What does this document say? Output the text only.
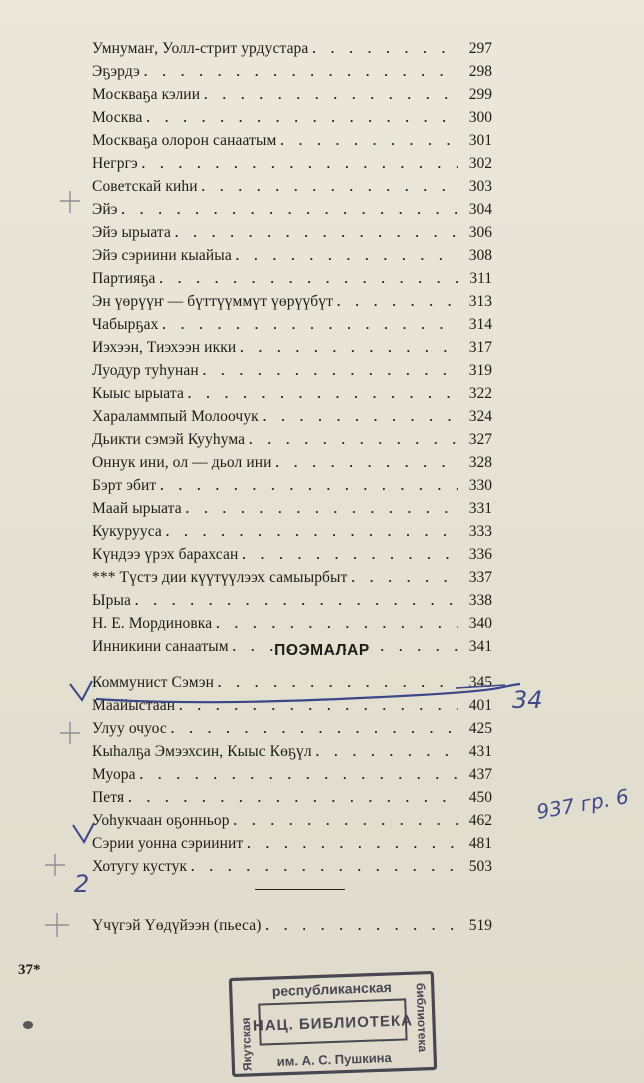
Умнумаҥ, Уолл-стрит урдустара . . .	297
Эҕэрдэ . . .	298
Москваҕа кэлии . . .	299
Москва . . .	300
Москваҕа олорон санаатым . . .	301
Негргэ . . .	302
Советскай киһи . . .	303
Эйэ . . .	304
Эйэ ырыата . . .	306
Эйэ сэриини кыайыа . . .	308
Партияҕа . . .	311
Эн үөрүүҥ — бүттүүммүт үөрүүбүт . . .	313
Чабырҕах . . .	314
Иэхээн, Тиэхээн икки . . .	317
Луодур туһунан . . .	319
Кыыс ырыата . . .	322
Хараламмпый Молоочук . . .	324
Дьикти сэмэй Кууһума . . .	327
Оннук ини, ол — дьол ини . . .	328
Бэрт эбит . . .	330
Маай ырыата . . .	331
Кукурууса . . .	333
Күндээ үрэх барахсан . . .	336
*** Түстэ дии күүтүүлээх самыырбыт . . .	337
Ырыа . . .	338
Н. Е. Мординовка . . .	340
Инникини санаатым . . .	341
ПОЭМАЛАР
Коммунист Сэмэн . . .	345
Маайыстаан . . .	401
Улуу очуос . . .	425
Кыһалҕа Эмээхсин, Кыыс Көҕүл . . .	431
Муора . . .	437
Петя . . .	450
Уоһукчаан оҕонньор . . .	462
Сэрии уонна сэриинит . . .	481
Хотугу кустук . . .	503
Үчүгэй Үөдүйээн (пьеса) . . .	519
37*
34
937 гр. 6
2
республиканская
НАЦ. БИБЛИОТЕКА
им. А. С. Пушкина
Якутская	библиотека
